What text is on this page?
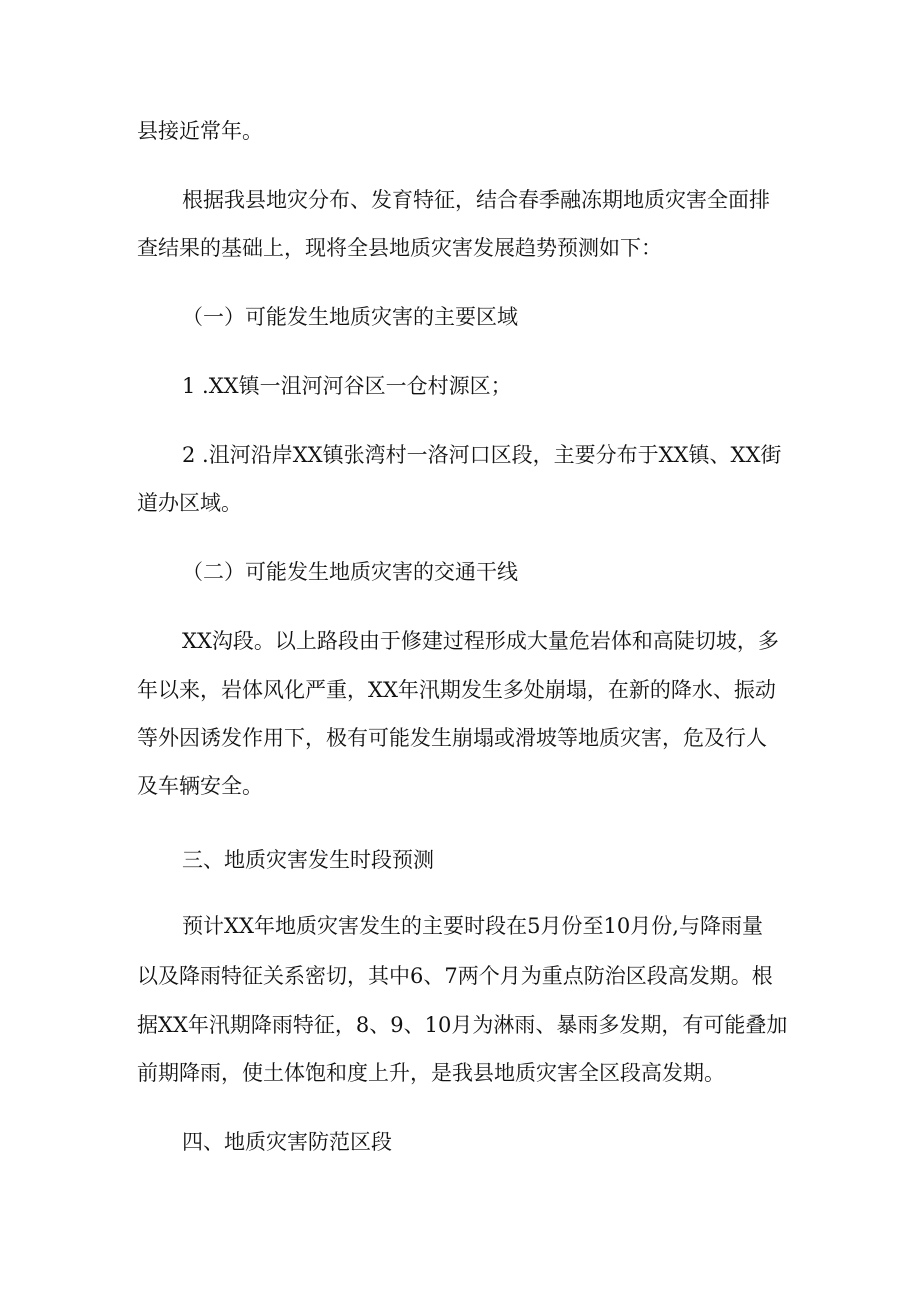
县接近常年。

根据我县地灾分布、发育特征，结合春季融冻期地质灾害全面排

查结果的基础上，现将全县地质灾害发展趋势预测如下：

（一）可能发生地质灾害的主要区域

1 .XX镇一沮河河谷区一仓村源区；

2 .沮河沿岸XX镇张湾村一洛河口区段，主要分布于XX镇、XX街

道办区域。

（二）可能发生地质灾害的交通干线

XX沟段。以上路段由于修建过程形成大量危岩体和高陡切坡，多

年以来，岩体风化严重，XX年汛期发生多处崩塌，在新的降水、振动

等外因诱发作用下，极有可能发生崩塌或滑坡等地质灾害，危及行人

及车辆安全。

三、地质灾害发生时段预测

预计XX年地质灾害发生的主要时段在5月份至10月份,与降雨量

以及降雨特征关系密切，其中6、7两个月为重点防治区段高发期。根

据XX年汛期降雨特征，8、9、10月为淋雨、暴雨多发期，有可能叠加

前期降雨，使土体饱和度上升，是我县地质灾害全区段高发期。

四、地质灾害防范区段
